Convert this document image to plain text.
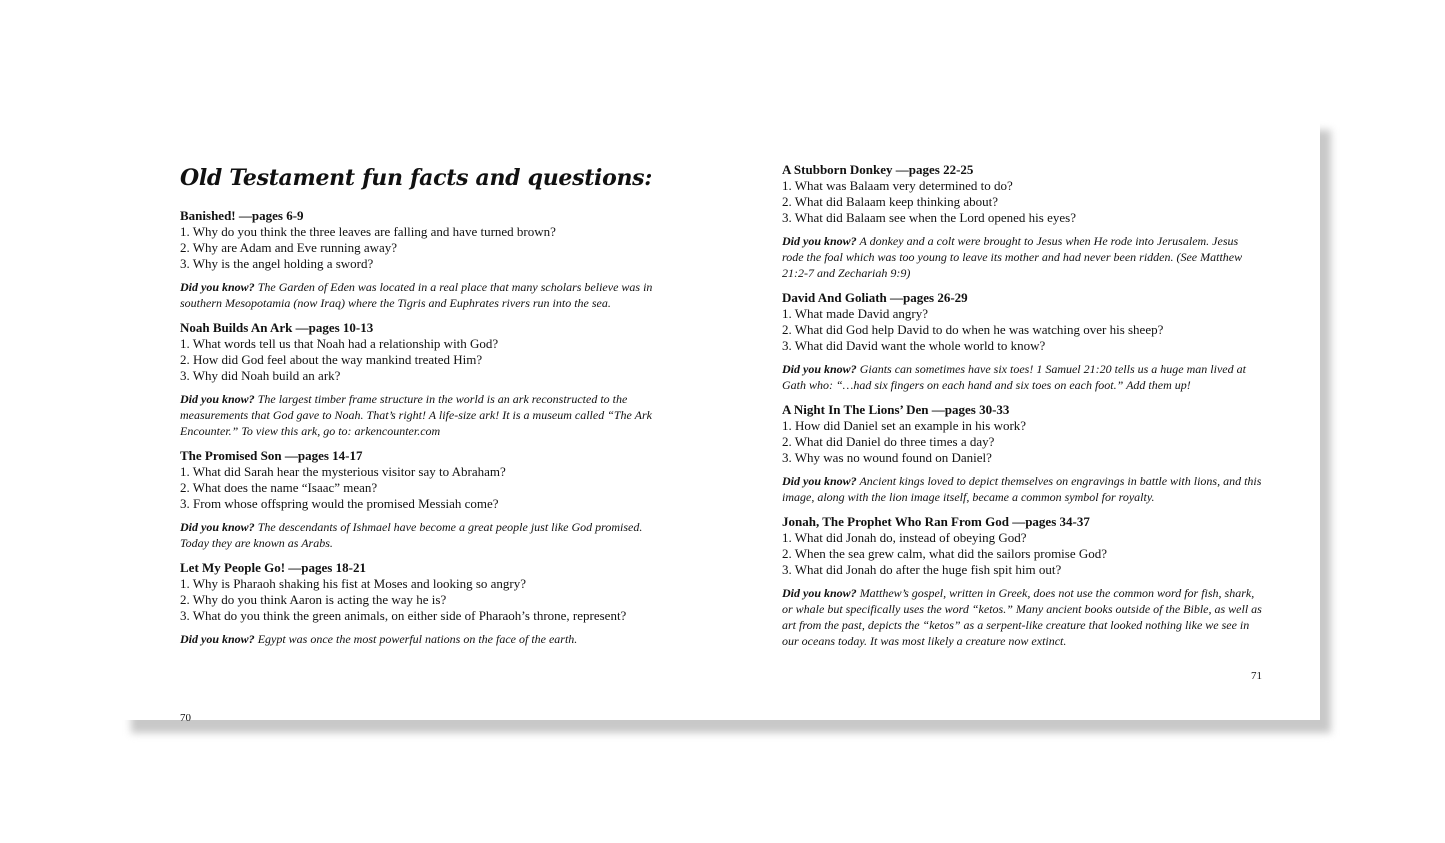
Old Testament fun facts and questions:
Banished! —pages 6-9
1. Why do you think the three leaves are falling and have turned brown?
2. Why are Adam and Eve running away?
3. Why is the angel holding a sword?
Did you know? The Garden of Eden was located in a real place that many scholars believe was in southern Mesopotamia (now Iraq) where the Tigris and Euphrates rivers run into the sea.
Noah Builds An Ark —pages 10-13
1. What words tell us that Noah had a relationship with God?
2. How did God feel about the way mankind treated Him?
3. Why did Noah build an ark?
Did you know? The largest timber frame structure in the world is an ark reconstructed to the measurements that God gave to Noah. That’s right! A life-size ark! It is a museum called “The Ark Encounter.” To view this ark, go to: arkencounter.com
The Promised Son —pages 14-17
1. What did Sarah hear the mysterious visitor say to Abraham?
2. What does the name “Isaac” mean?
3. From whose offspring would the promised Messiah come?
Did you know? The descendants of Ishmael have become a great people just like God promised. Today they are known as Arabs.
Let My People Go! —pages 18-21
1. Why is Pharaoh shaking his fist at Moses and looking so angry?
2. Why do you think Aaron is acting the way he is?
3. What do you think the green animals, on either side of Pharaoh’s throne, represent?
Did you know? Egypt was once the most powerful nations on the face of the earth.
70
A Stubborn Donkey —pages 22-25
1. What was Balaam very determined to do?
2. What did Balaam keep thinking about?
3. What did Balaam see when the Lord opened his eyes?
Did you know? A donkey and a colt were brought to Jesus when He rode into Jerusalem. Jesus rode the foal which was too young to leave its mother and had never been ridden. (See Matthew 21:2-7 and Zechariah 9:9)
David And Goliath —pages 26-29
1. What made David angry?
2. What did God help David to do when he was watching over his sheep?
3. What did David want the whole world to know?
Did you know? Giants can sometimes have six toes! 1 Samuel 21:20 tells us a huge man lived at Gath who: “…had six fingers on each hand and six toes on each foot.” Add them up!
A Night In The Lions’ Den —pages 30-33
1. How did Daniel set an example in his work?
2. What did Daniel do three times a day?
3. Why was no wound found on Daniel?
Did you know? Ancient kings loved to depict themselves on engravings in battle with lions, and this image, along with the lion image itself, became a common symbol for royalty.
Jonah, The Prophet Who Ran From God —pages 34-37
1. What did Jonah do, instead of obeying God?
2. When the sea grew calm, what did the sailors promise God?
3. What did Jonah do after the huge fish spit him out?
Did you know? Matthew’s gospel, written in Greek, does not use the common word for fish, shark, or whale but specifically uses the word “ketos.” Many ancient books outside of the Bible, as well as art from the past, depicts the “ketos” as a serpent-like creature that looked nothing like we see in our oceans today. It was most likely a creature now extinct.
71
